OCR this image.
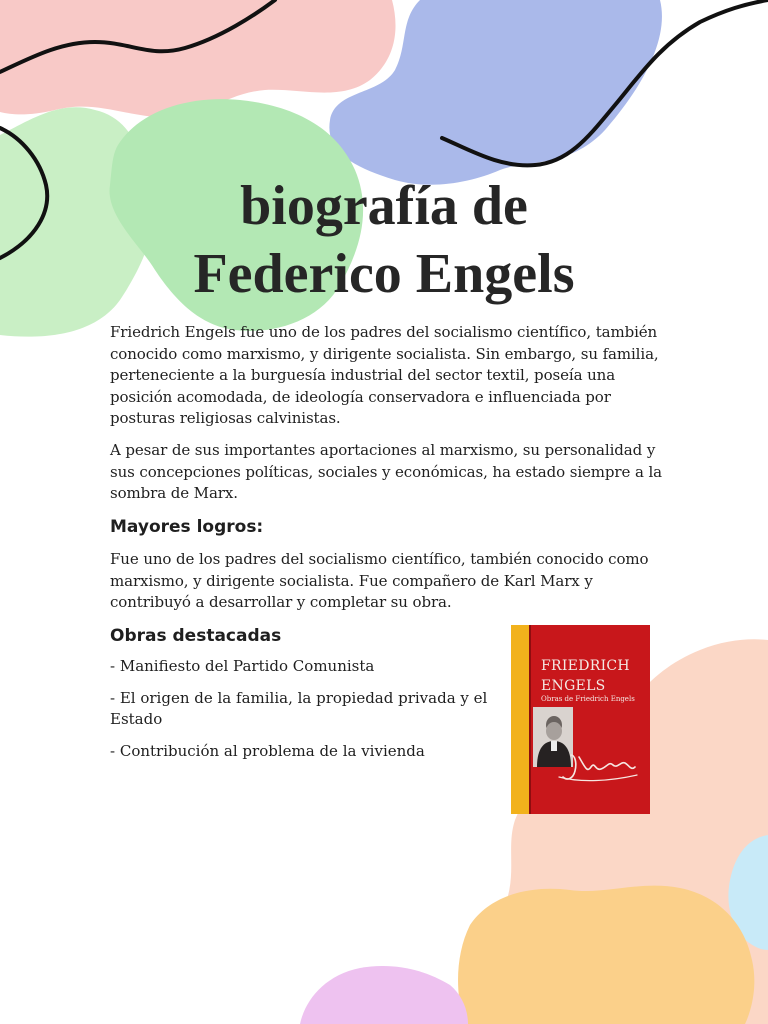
biografía de
Federico Engels

Friedrich Engels fue uno de los padres del socialismo científico, también conocido como marxismo, y dirigente socialista. Sin embargo, su familia, perteneciente a la burguesía industrial del sector textil, poseía una posición acomodada, de ideología conservadora e influenciada por posturas religiosas calvinistas.

A pesar de sus importantes aportaciones al marxismo, su personalidad y sus concepciones políticas, sociales y económicas, ha estado siempre a la sombra de Marx.

Mayores logros:

Fue uno de los padres del socialismo científico, también conocido como marxismo, y dirigente socialista. Fue compañero de Karl Marx y contribuyó a desarrollar y completar su obra.

Obras destacadas
- Manifiesto del Partido Comunista
- El origen de la familia, la propiedad privada y el Estado
- Contribución al problema de la vivienda

FRIEDRICH

ENGELS

Obras de Friedrich Engels
